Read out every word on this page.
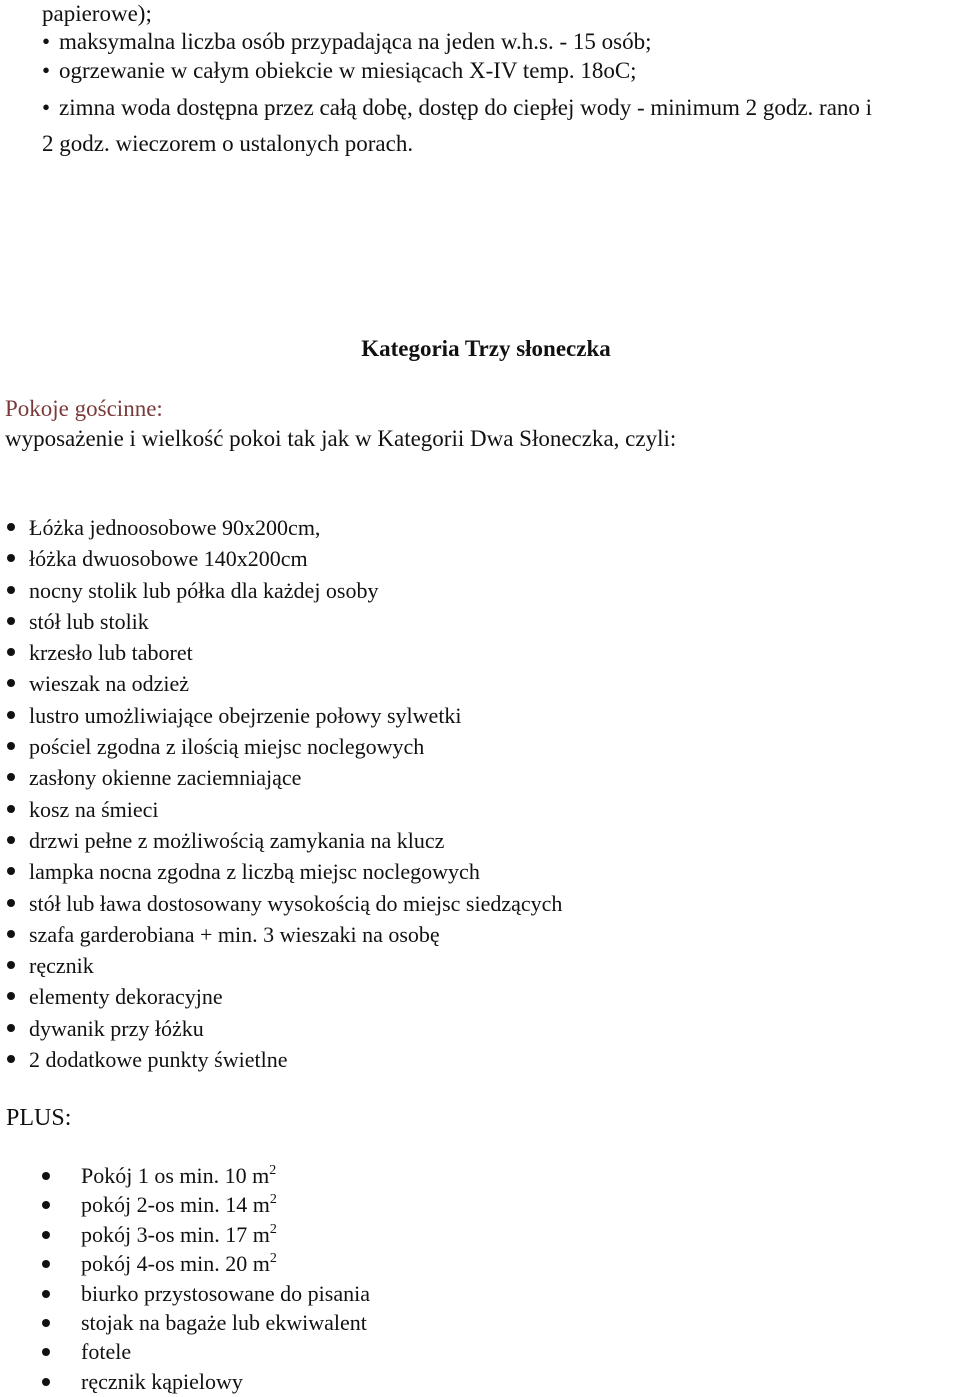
papierowe);
• maksymalna liczba osób przypadająca na jeden w.h.s. - 15 osób;
• ogrzewanie w całym obiekcie w miesiącach X-IV temp. 18oC;
• zimna woda dostępna przez całą dobę, dostęp do ciepłej wody - minimum 2 godz. rano i
2 godz. wieczorem o ustalonych porach.
Kategoria Trzy słoneczka
Pokoje gościnne:
wyposażenie i wielkość pokoi tak jak w Kategorii Dwa Słoneczka, czyli:
Łóżka jednoosobowe 90x200cm,
łóżka dwuosobowe 140x200cm
nocny stolik lub półka dla każdej osoby
stół lub stolik
krzesło lub taboret
wieszak na odzież
lustro umożliwiające obejrzenie połowy sylwetki
pościel zgodna z ilością miejsc noclegowych
zasłony okienne zaciemniające
kosz na śmieci
drzwi pełne z możliwością zamykania na klucz
lampka nocna zgodna z liczbą miejsc noclegowych
stół lub ława dostosowany wysokością do miejsc siedzących
szafa garderobiana + min. 3 wieszaki na osobę
ręcznik
elementy dekoracyjne
dywanik przy łóżku
2 dodatkowe punkty świetlne
PLUS:
Pokój 1 os min. 10 $m^2$
pokój 2-os min. 14 $m^2$
pokój 3-os min. 17 $m^2$
pokój 4-os min. 20 $m^2$
biurko przystosowane do pisania
stojak na bagaże lub ekwiwalent
fotele
ręcznik kąpielowy
